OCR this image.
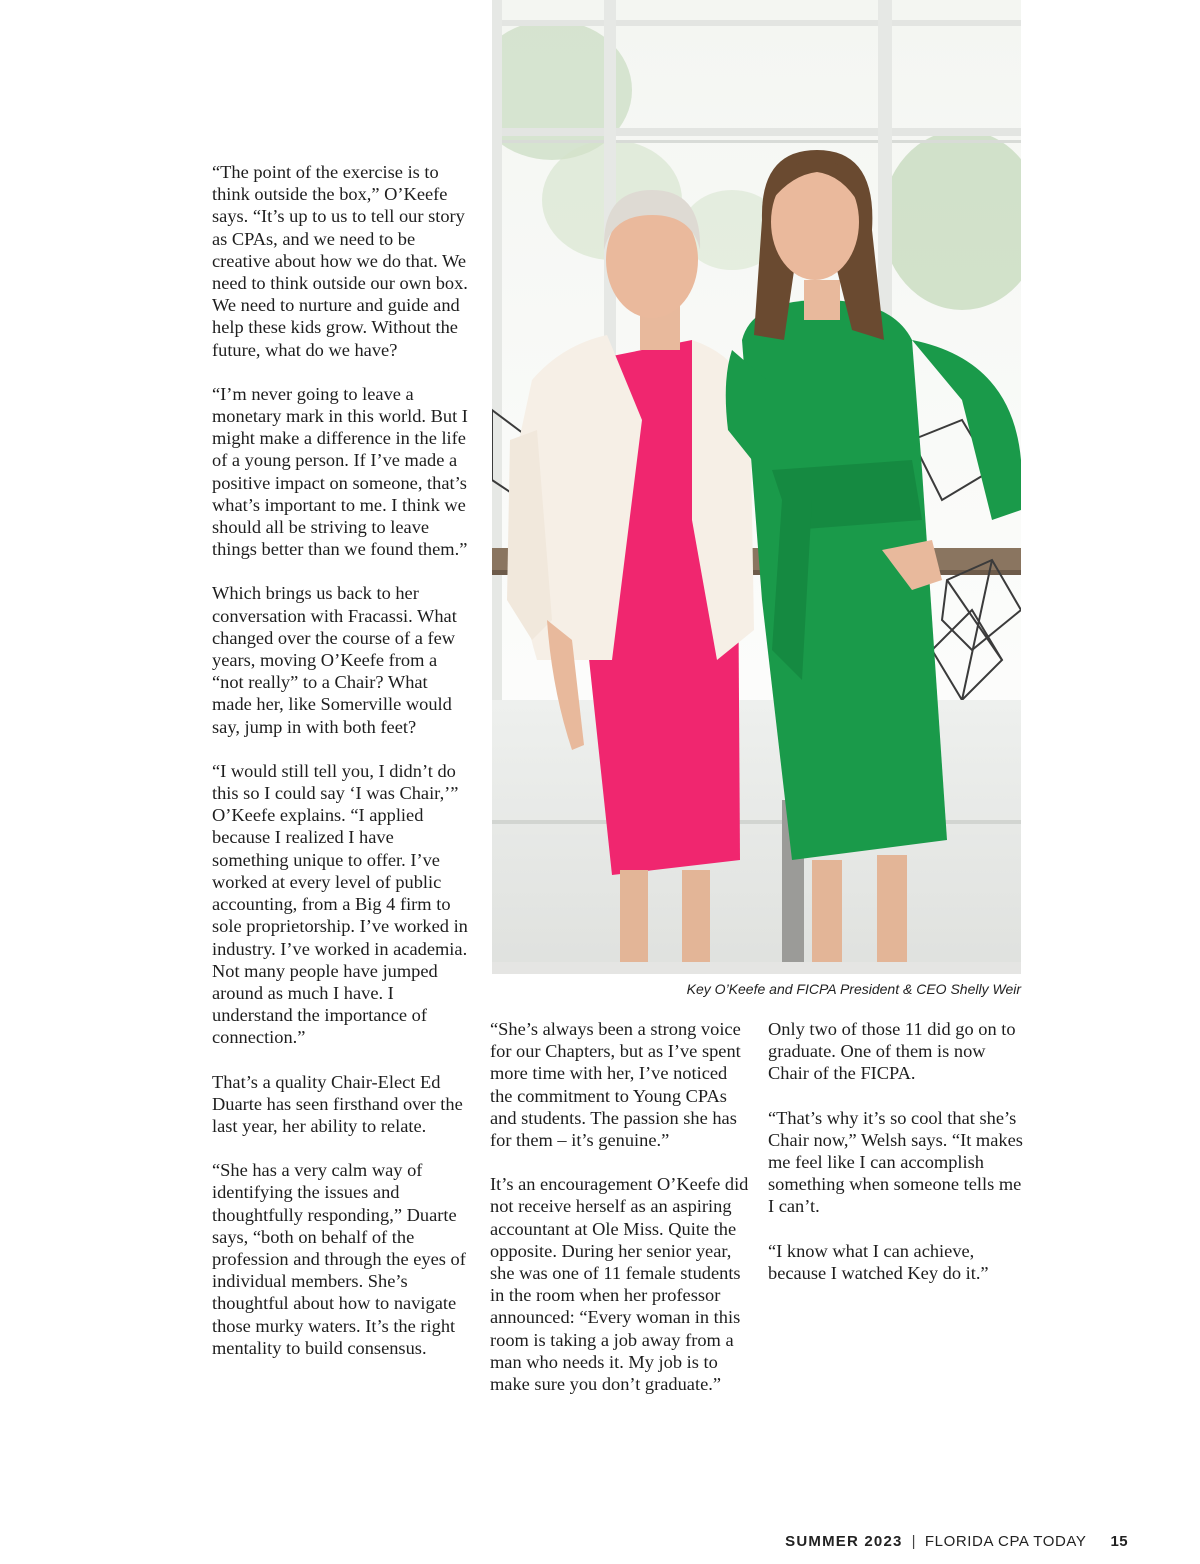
“The point of the exercise is to think outside the box,” O’Keefe says. “It’s up to us to tell our story as CPAs, and we need to be creative about how we do that. We need to think outside our own box. We need to nurture and guide and help these kids grow. Without the future, what do we have?

“I’m never going to leave a monetary mark in this world. But I might make a difference in the life of a young person. If I’ve made a positive impact on someone, that’s what’s important to me. I think we should all be striving to leave things better than we found them.”

Which brings us back to her conversation with Fracassi. What changed over the course of a few years, moving O’Keefe from a “not really” to a Chair? What made her, like Somerville would say, jump in with both feet?

“I would still tell you, I didn’t do this so I could say ‘I was Chair,’” O’Keefe explains. “I applied because I realized I have something unique to offer. I’ve worked at every level of public accounting, from a Big 4 firm to sole proprietorship. I’ve worked in industry. I’ve worked in academia. Not many people have jumped around as much I have. I understand the importance of connection.”

That’s a quality Chair-Elect Ed Duarte has seen firsthand over the last year, her ability to relate.

“She has a very calm way of identifying the issues and thoughtfully responding,” Duarte says, “both on behalf of the profession and through the eyes of individual members. She’s thoughtful about how to navigate those murky waters. It’s the right mentality to build consensus.

Key O’Keefe and FICPA President & CEO Shelly Weir

“She’s always been a strong voice for our Chapters, but as I’ve spent more time with her, I’ve noticed the commitment to Young CPAs and students. The passion she has for them – it’s genuine.”

It’s an encouragement O’Keefe did not receive herself as an aspiring accountant at Ole Miss. Quite the opposite. During her senior year, she was one of 11 female students in the room when her professor announced: “Every woman in this room is taking a job away from a man who needs it. My job is to make sure you don’t graduate.”

Only two of those 11 did go on to graduate. One of them is now Chair of the FICPA.

“That’s why it’s so cool that she’s Chair now,” Welsh says. “It makes me feel like I can accomplish something when someone tells me I can’t.

“I know what I can achieve, because I watched Key do it.”

SUMMER 2023 | FLORIDA CPA TODAY 15
